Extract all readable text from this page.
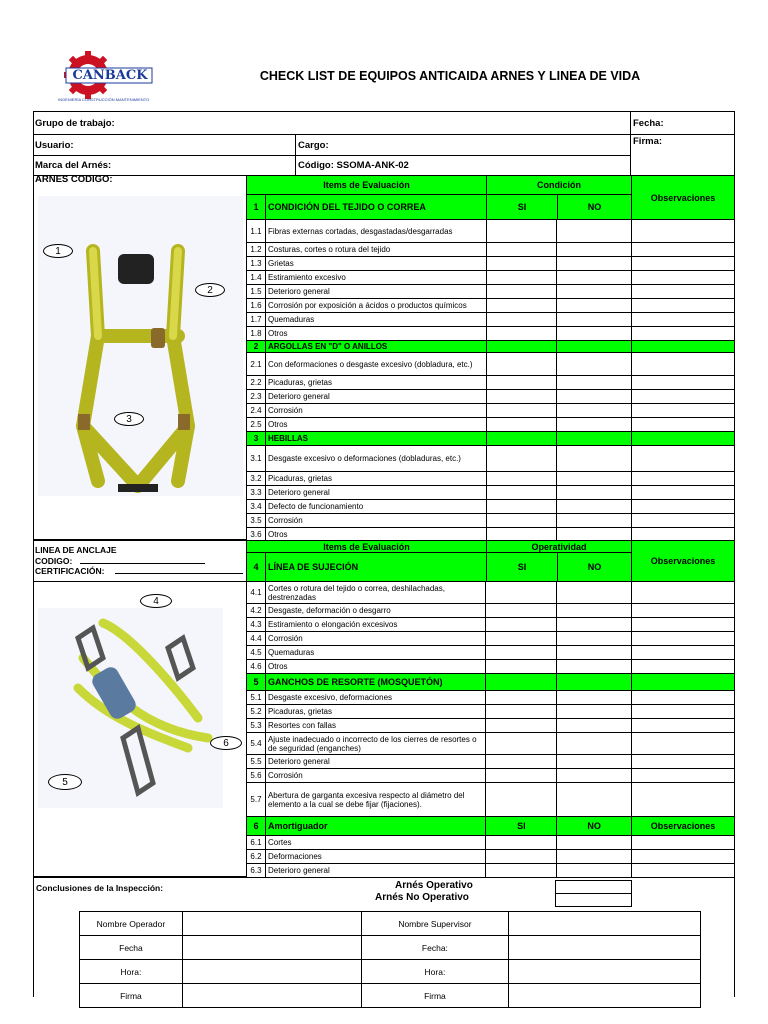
CANBACK
INGENIERÍA CONSTRUCCIÓN MANTENIMIENTO
CHECK LIST DE EQUIPOS ANTICAIDA ARNES Y LINEA DE VIDA
Grupo de trabajo:	Fecha:
Usuario:	Cargo:	Firma:
Marca del Arnés:	Código: SSOMA-ANK-02
ARNES CODIGO:
1
2
3
LINEA DE ANCLAJE
CODIGO:
CERTIFICACIÓN:
4
5
6
Items de Evaluación	Condición
Observaciones
1	CONDICIÓN DEL TEJIDO O CORREA	SI	NO
1.1	Fibras externas cortadas, desgastadas/desgarradas			
1.2	Costuras, cortes o rotura del tejido			
1.3	Grietas			
1.4	Estiramiento excesivo			
1.5	Deterioro general			
1.6	Corrosión por exposición a ácidos o productos químicos			
1.7	Quemaduras			
1.8	Otros			
2	ARGOLLAS EN "D" O ANILLOS			
2.1	Con deformaciones o desgaste excesivo (dobladura, etc.)			
2.2	Picaduras, grietas			
2.3	Deterioro general			
2.4	Corrosión			
2.5	Otros			
3	HEBILLAS			
3.1	Desgaste excesivo o deformaciones (dobladuras, etc.)			
3.2	Picaduras, grietas			
3.3	Deterioro general			
3.4	Defecto de funcionamiento			
3.5	Corrosión			
3.6	Otros			
Items de Evaluación	Operatividad
Observaciones
4	LÍNEA DE SUJECIÓN	SI	NO
4.1	Cortes o rotura del tejido o correa, deshilachadas, destrenzadas			
4.2	Desgaste, deformación o desgarro			
4.3	Estiramiento o elongación excesivos			
4.4	Corrosión			
4.5	Quemaduras			
4.6	Otros			
5	GANCHOS DE RESORTE (MOSQUETÓN)			
5.1	Desgaste excesivo, deformaciones			
5.2	Picaduras, grietas			
5.3	Resortes con fallas			
5.4	Ajuste inadecuado o incorrecto de los cierres de resortes o de seguridad (enganches)			
5.5	Deterioro general			
5.6	Corrosión			
5.7	Abertura de garganta excesiva respecto al diámetro del elemento a la cual se debe fijar (fijaciones).			
6	Amortiguador	SI	NO	Observaciones
6.1	Cortes			
6.2	Deformaciones			
6.3	Deterioro general			
Conclusiones de la Inspección:	Arnés Operativo
Arnés No Operativo
Nombre Operador		Nombre Supervisor	
Fecha		Fecha:	
Hora:		Hora:	
Firma		Firma	
